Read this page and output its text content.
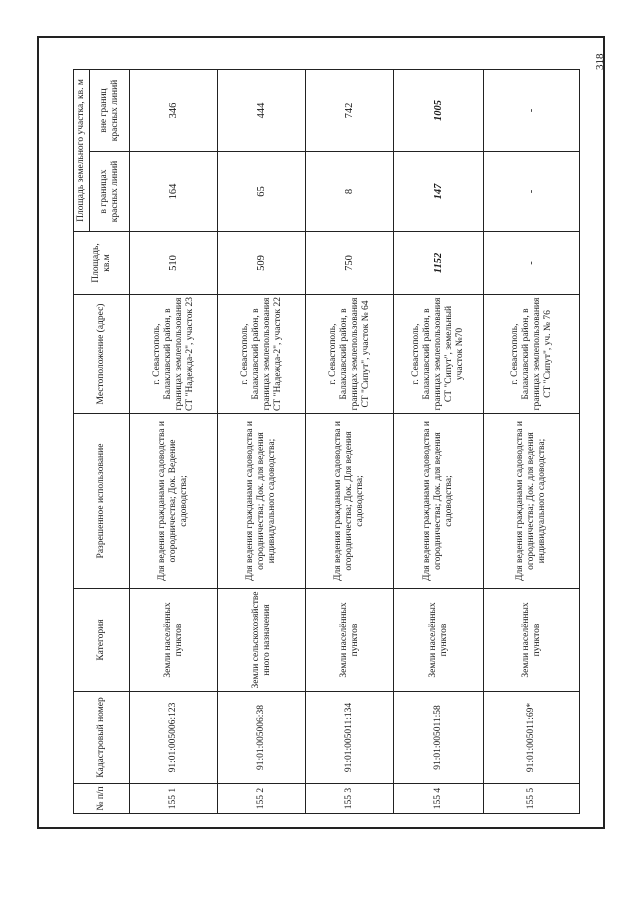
318
№ п/п	Кадастровый номер	Категория	Разрешенное использование	Местоположение (адрес)	Площадь, кв.м	Площадь земельного участка, кв. м	
						в границах красных линий	вне границ красных линий
155 1	91:01:005006:123	Земли населённых пунктов	Для ведения гражданами садоводства и огородничества; Док. Ведение садоводства;	г. Севастополь, Балаклавский район, в границах землепользования СТ "Надежда-2", участок 23	510	164	346
155 2	91:01:005006:38	Земли сельскохозяйстве нного назначения	Для ведения гражданами садоводства и огородничества; Док. для ведения индивидуального садоводства;	г. Севастополь, Балаклавский район, в границах землепользования СТ "Надежда-2", участок 22	509	65	444
155 3	91:01:005011:134	Земли населённых пунктов	Для ведения гражданами садоводства и огородничества; Док. Для ведения садоводства;	г. Севастополь, Балаклавский район, в границах землепользования СТ "Сипут", участок № 64	750	8	742
155 4	91:01:005011:58	Земли населённых пунктов	Для ведения гражданами садоводства и огородничества; Док. для ведения садоводства;	г. Севастополь, Балаклавский район, в границах землепользования СТ "Сипут", земельный участок №70	1152	147	1005
155 5	91:01:005011:69*	Земли населённых пунктов	Для ведения гражданами садоводства и огородничества; Док. для ведения индивидуального садоводства;	г. Севастополь, Балаклавский район, в границах землепользования СТ "Сипут", уч. № 76	-	-	-
